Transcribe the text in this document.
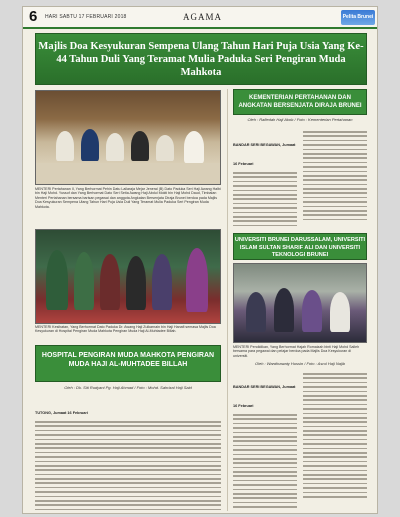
6 HARI SABTU 17 FEBRUARI 2018	AGAMA	Pelita Brunei
Majlis Doa Kesyukuran Sempena Ulang Tahun Hari Puja Usia Yang Ke-44 Tahun Duli Yang Teramat Mulia Paduka Seri Pengiran Muda Mahkota
MENTERI Pertahanan II, Yang Berhormat Pehin Datu Lailaraja Mejar Jeneral (B) Dato Paduka Seri Haji Awang Halbi bin Haji Mohd. Yussof dan Yang Berhormat Dato Seri Setia Awang Haji Abdul Mokti bin Haji Mohd Daud, Timbalan Menteri Pertahanan bersama barisan pegawai dan anggota Angkatan Bersenjata Diraja Brunei berdoa pada Majlis Doa Kesyukuran Sempena Ulang Tahun Hari Puja Usia Duli Yang Teramat Mulia Paduka Seri Pengiran Muda Mahkota.
KEMENTERIAN PERTAHANAN DAN ANGKATAN BERSENJATA DIRAJA BRUNEI
Oleh : Rafiedah Haji Akob / Foto : Kementerian Pertahanan
BANDAR SERI BEGAWAN, Jumaat 16 Februari
MENTERI Kesihatan, Yang Berhormat Dato Paduka Dr. Awang Haji Zulkarnain bin Haji Hanafi semasa Majlis Doa Kesyukuran di Hospital Pengiran Muda Mahkota Pengiran Muda Haji Al-Muhtadee Billah.
UNIVERSITI BRUNEI DARUSSALAM, UNIVERSITI ISLAM SULTAN SHARIF ALI DAN UNIVERSITI TEKNOLOGI BRUNEI
MENTERI Pendidikan, Yang Berhormat Hajah Romaizah binti Haji Mohd Salleh bersama para pegawai dan pelajar berdoa pada Majlis Doa Kesyukuran di universiti.
HOSPITAL PENGIRAN MUDA MAHKOTA PENGIRAN MUDA HAJI AL-MUHTADEE BILLAH
Oleh : Dk. Siti Rudyani Pg. Haji Ahmad / Foto : Mohd. Sahrizal Haji Said
TUTONG, Jumaat 16 Februari
Oleh : Wardinawaty Hussin / Foto : Asrul Haji Najib
BANDAR SERI BEGAWAN, Jumaat 16 Februari
